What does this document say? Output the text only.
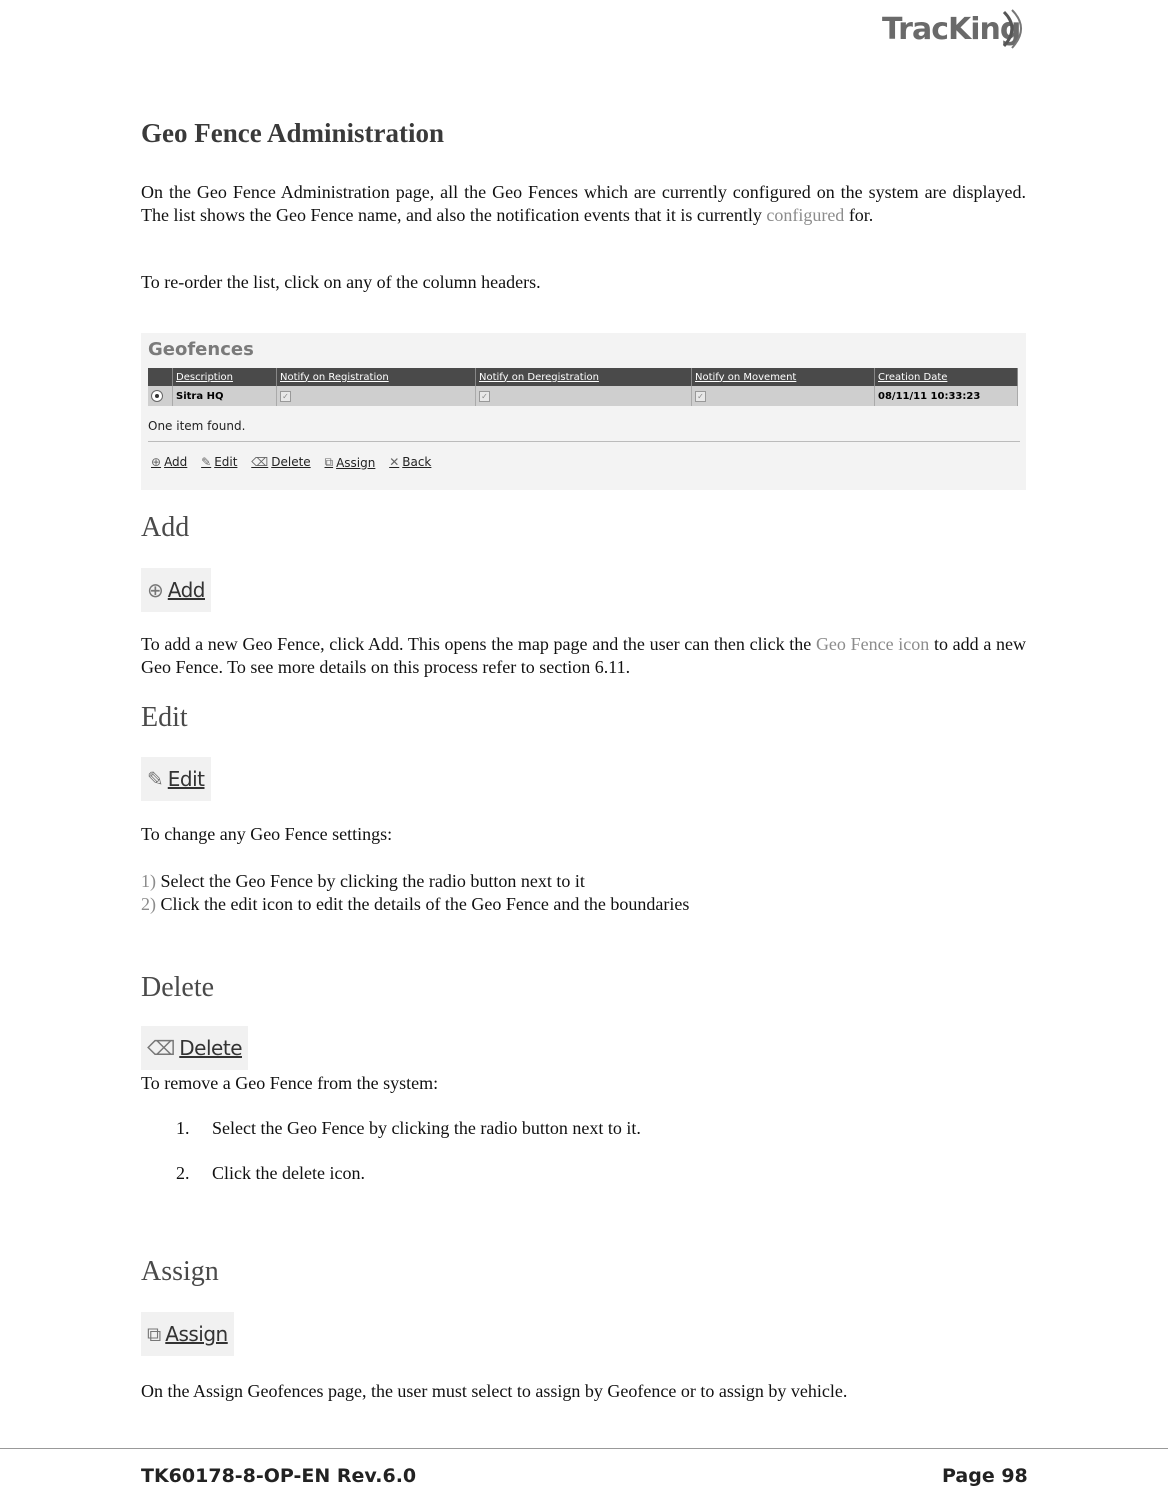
TracKing
Geo Fence Administration
On the Geo Fence Administration page, all the Geo Fences which are currently configured on the system are displayed. The list shows the Geo Fence name, and also the notification events that it is currently configured for.
To re-order the list, click on any of the column headers.
Geofences
	Description	Notify on Registration	Notify on Deregistration	Notify on Movement	Creation Date
	Sitra HQ	✓	✓	✓	08/11/11 10:33:23
One item found.
⊕ Add
✎ Edit
⌫ Delete
⧉ Assign
✕ Back
Add
⊕ Add
To add a new Geo Fence, click Add. This opens the map page and the user can then click the Geo Fence icon to add a new Geo Fence. To see more details on this process refer to section 6.11.
Edit
✎ Edit
To change any Geo Fence settings:
1) Select the Geo Fence by clicking the radio button next to it
2) Click the edit icon to edit the details of the Geo Fence and the boundaries
Delete
⌫ Delete
To remove a Geo Fence from the system:
1. Select the Geo Fence by clicking the radio button next to it.
2. Click the delete icon.
Assign
⧉ Assign
On the Assign Geofences page, the user must select to assign by Geofence or to assign by vehicle.
TK60178-8-OP-EN Rev.6.0	Page 98
